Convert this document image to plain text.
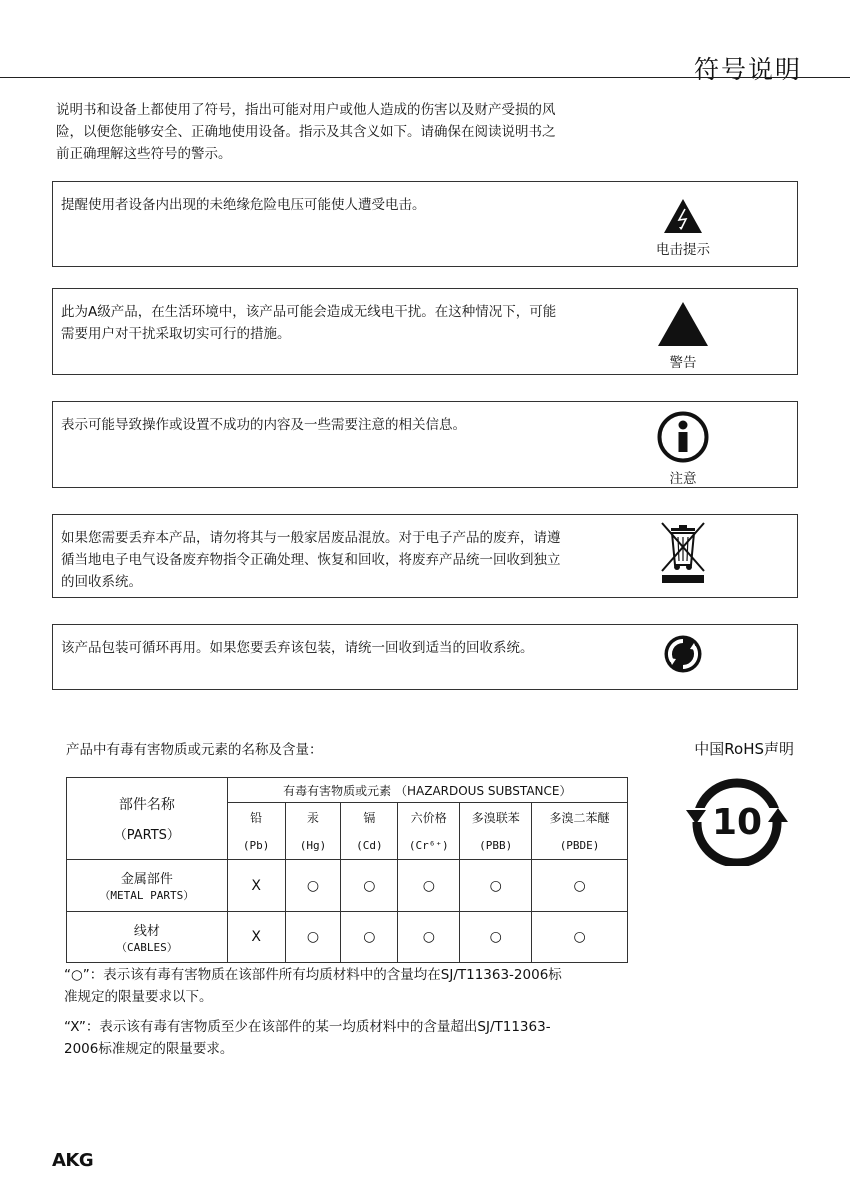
符号说明
说明书和设备上都使用了符号，指出可能对用户或他人造成的伤害以及财产受损的风险，以便您能够安全、正确地使用设备。指示及其含义如下。请确保在阅读说明书之前正确理解这些符号的警示。
提醒使用者设备内出现的未绝缘危险电压可能使人遭受电击。
电击提示
此为A级产品，在生活环境中，该产品可能会造成无线电干扰。在这种情况下，可能需要用户对干扰采取切实可行的措施。
警告
表示可能导致操作或设置不成功的内容及一些需要注意的相关信息。
注意
如果您需要丢弃本产品，请勿将其与一般家居废品混放。对于电子产品的废弃，请遵循当地电子电气设备废弃物指令正确处理、恢复和回收，将废弃产品统一回收到独立的回收系统。
该产品包装可循环再用。如果您要丢弃该包装，请统一回收到适当的回收系统。
产品中有毒有害物质或元素的名称及含量：	中国RoHS声明
10
部件名称
（PARTS）	有毒有害物质或元素 （HAZARDOUS SUBSTANCE）					
	铅	汞	镉	六价格	多溴联苯	多溴二苯醚
	(Pb)	(Hg)	(Cd)	(Cr⁶⁺)	(PBB)	(PBDE)

金属部件
（METAL PARTS）	X	○	○	○	○	○

线材
（CABLES）	X	○	○	○	○	○
“○”：表示该有毒有害物质在该部件所有均质材料中的含量均在SJ/T11363-2006标准规定的限量要求以下。
“X”：表示该有毒有害物质至少在该部件的某一均质材料中的含量超出SJ/T11363-2006标准规定的限量要求。
AKG
